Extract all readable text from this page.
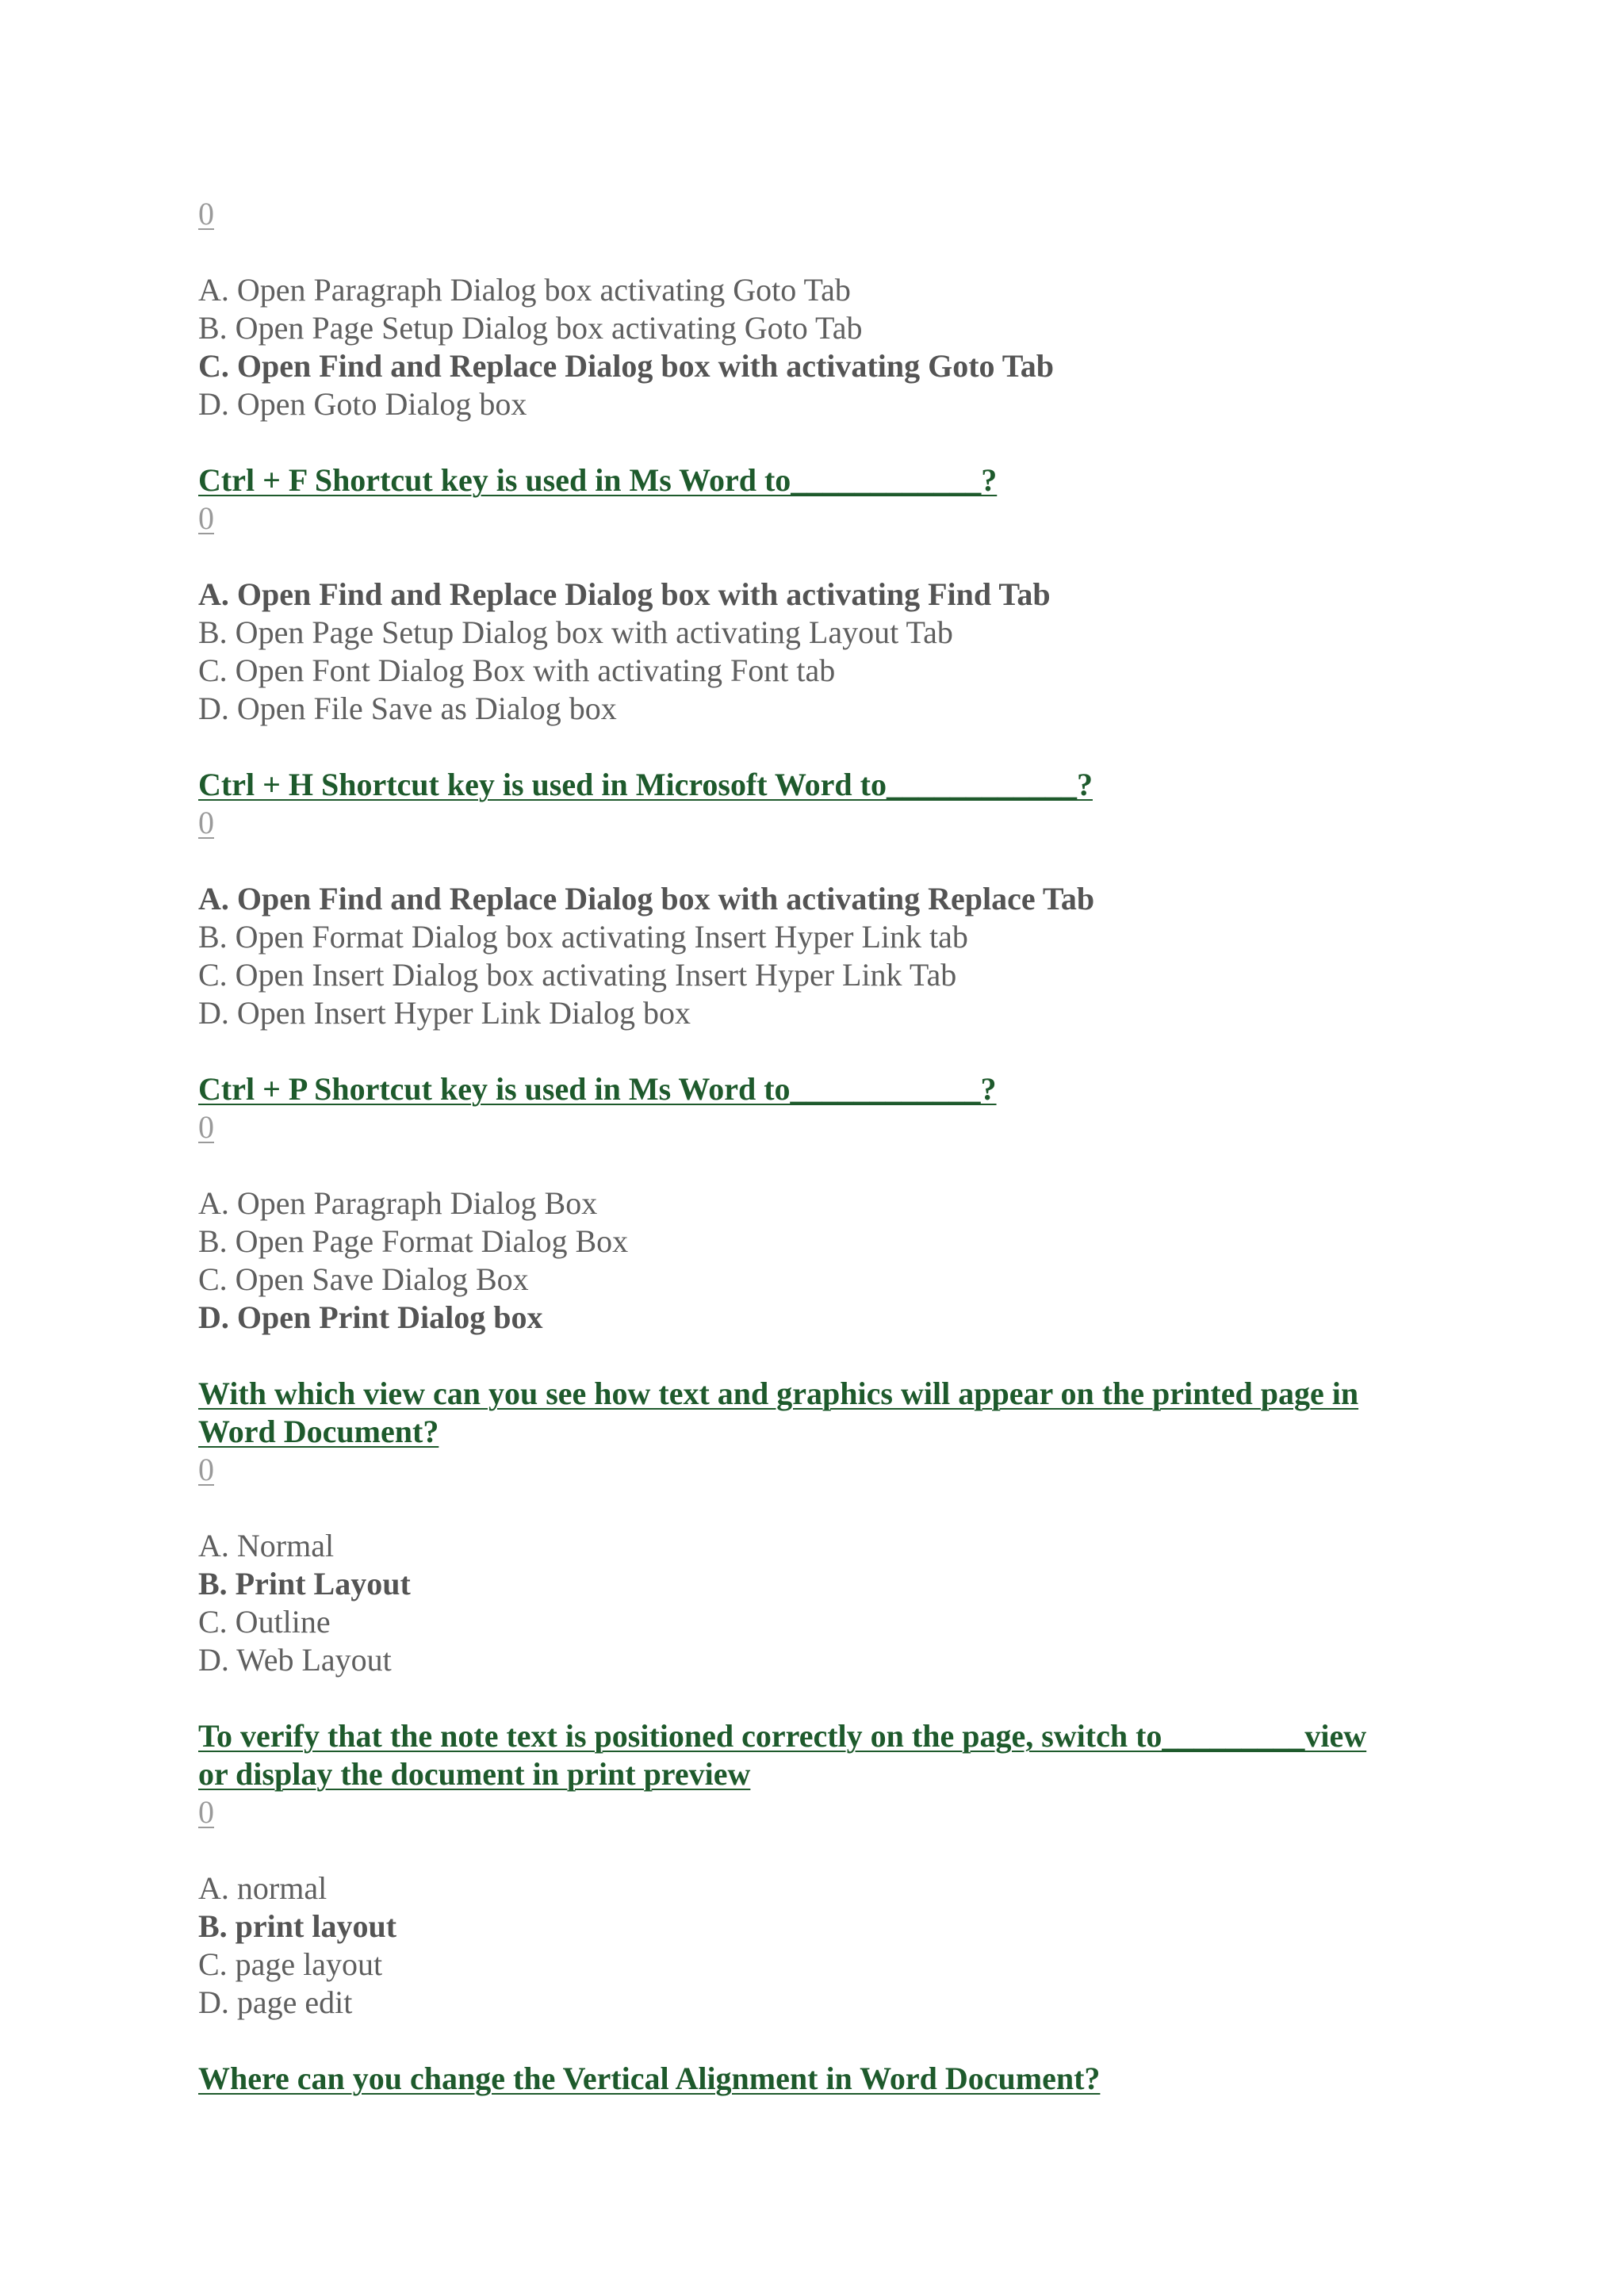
0
A. Open Paragraph Dialog box activating Goto Tab
B. Open Page Setup Dialog box activating Goto Tab
C. Open Find and Replace Dialog box with activating Goto Tab
D. Open Goto Dialog box
Ctrl + F Shortcut key is used in Ms Word to____________?
0
A. Open Find and Replace Dialog box with activating Find Tab
B. Open Page Setup Dialog box with activating Layout Tab
C. Open Font Dialog Box with activating Font tab
D. Open File Save as Dialog box
Ctrl + H Shortcut key is used in Microsoft Word to____________?
0
A. Open Find and Replace Dialog box with activating Replace Tab
B. Open Format Dialog box activating Insert Hyper Link tab
C. Open Insert Dialog box activating Insert Hyper Link Tab
D. Open Insert Hyper Link Dialog box
Ctrl + P Shortcut key is used in Ms Word to____________?
0
A. Open Paragraph Dialog Box
B. Open Page Format Dialog Box
C. Open Save Dialog Box
D. Open Print Dialog box
With which view can you see how text and graphics will appear on the printed page in
Word Document?
0
A. Normal
B. Print Layout
C. Outline
D. Web Layout
To verify that the note text is positioned correctly on the page, switch to_________view
or display the document in print preview
0
A. normal
B. print layout
C. page layout
D. page edit
Where can you change the Vertical Alignment in Word Document?
